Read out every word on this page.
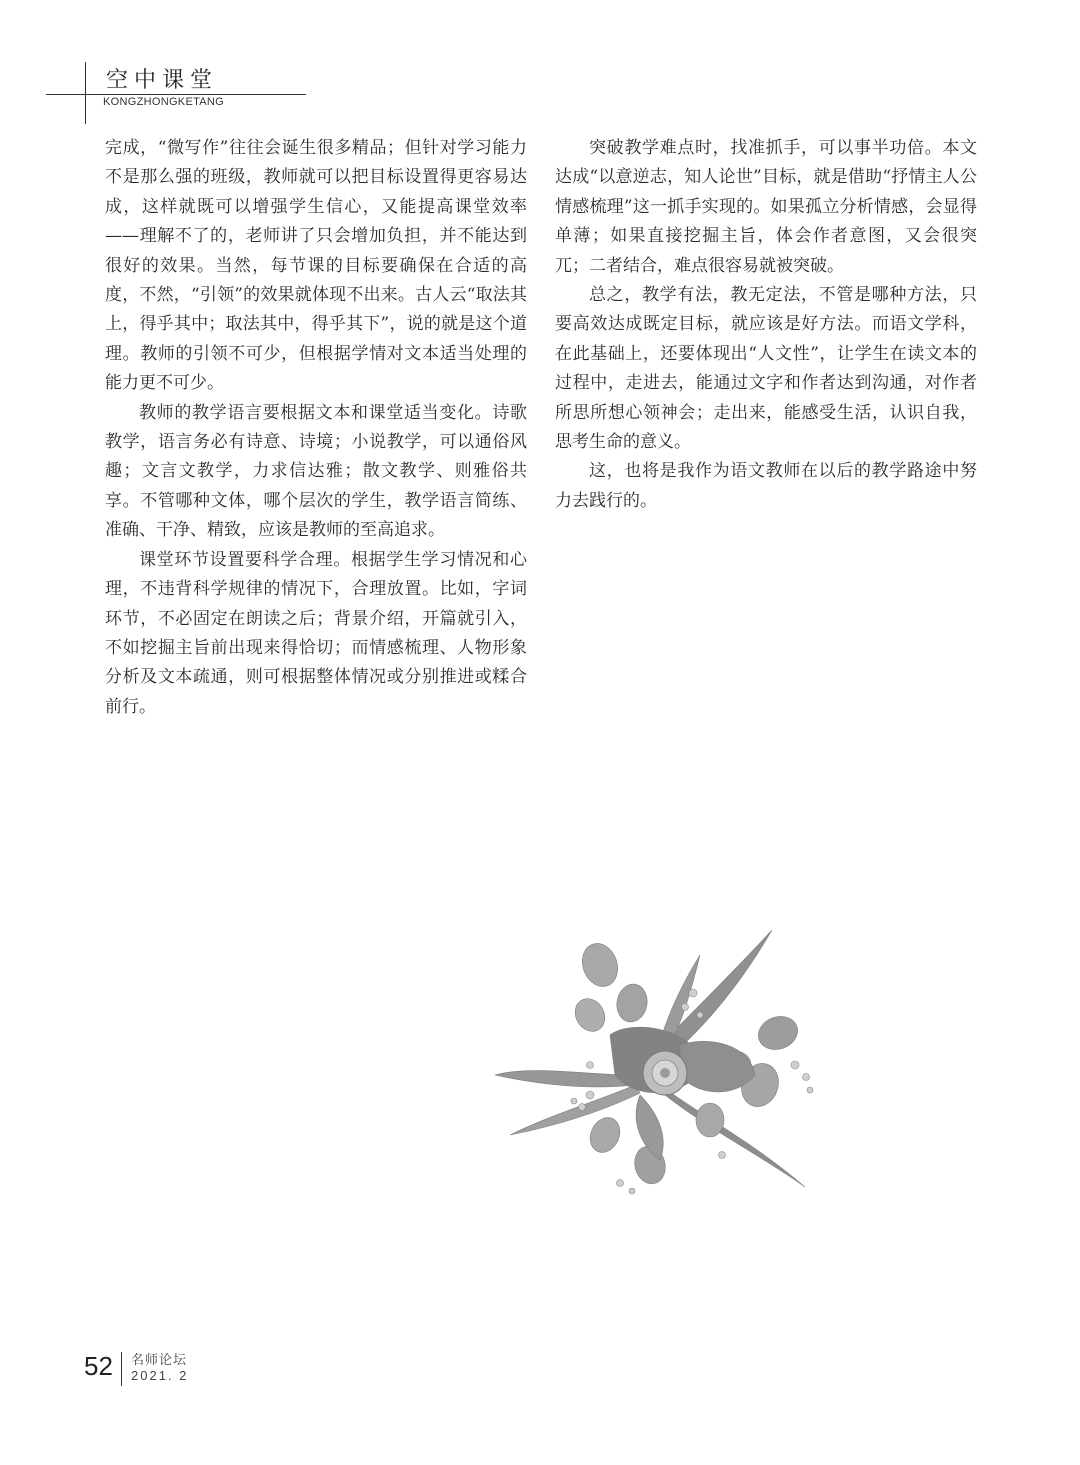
空中课堂
KONGZHONGKETANG

完成，“微写作”往往会诞生很多精品；但针对学习能力不是那么强的班级，教师就可以把目标设置得更容易达成，这样就既可以增强学生信心，又能提高课堂效率——理解不了的，老师讲了只会增加负担，并不能达到很好的效果。当然，每节课的目标要确保在合适的高度，不然，“引领”的效果就体现不出来。古人云“取法其上，得乎其中；取法其中，得乎其下”，说的就是这个道理。教师的引领不可少，但根据学情对文本适当处理的能力更不可少。

教师的教学语言要根据文本和课堂适当变化。诗歌教学，语言务必有诗意、诗境；小说教学，可以通俗风趣；文言文教学，力求信达雅；散文教学、则雅俗共享。不管哪种文体，哪个层次的学生，教学语言简练、准确、干净、精致，应该是教师的至高追求。

课堂环节设置要科学合理。根据学生学习情况和心理，不违背科学规律的情况下，合理放置。比如，字词环节，不必固定在朗读之后；背景介绍，开篇就引入，不如挖掘主旨前出现来得恰切；而情感梳理、人物形象分析及文本疏通，则可根据整体情况或分别推进或糅合前行。

突破教学难点时，找准抓手，可以事半功倍。本文达成“以意逆志，知人论世”目标，就是借助“抒情主人公情感梳理”这一抓手实现的。如果孤立分析情感，会显得单薄；如果直接挖掘主旨，体会作者意图，又会很突兀；二者结合，难点很容易就被突破。

总之，教学有法，教无定法，不管是哪种方法，只要高效达成既定目标，就应该是好方法。而语文学科，在此基础上，还要体现出“人文性”，让学生在读文本的过程中，走进去，能通过文字和作者达到沟通，对作者所思所想心领神会；走出来，能感受生活，认识自我，思考生命的意义。

这，也将是我作为语文教师在以后的教学路途中努力去践行的。

52 名师论坛
2021. 2
